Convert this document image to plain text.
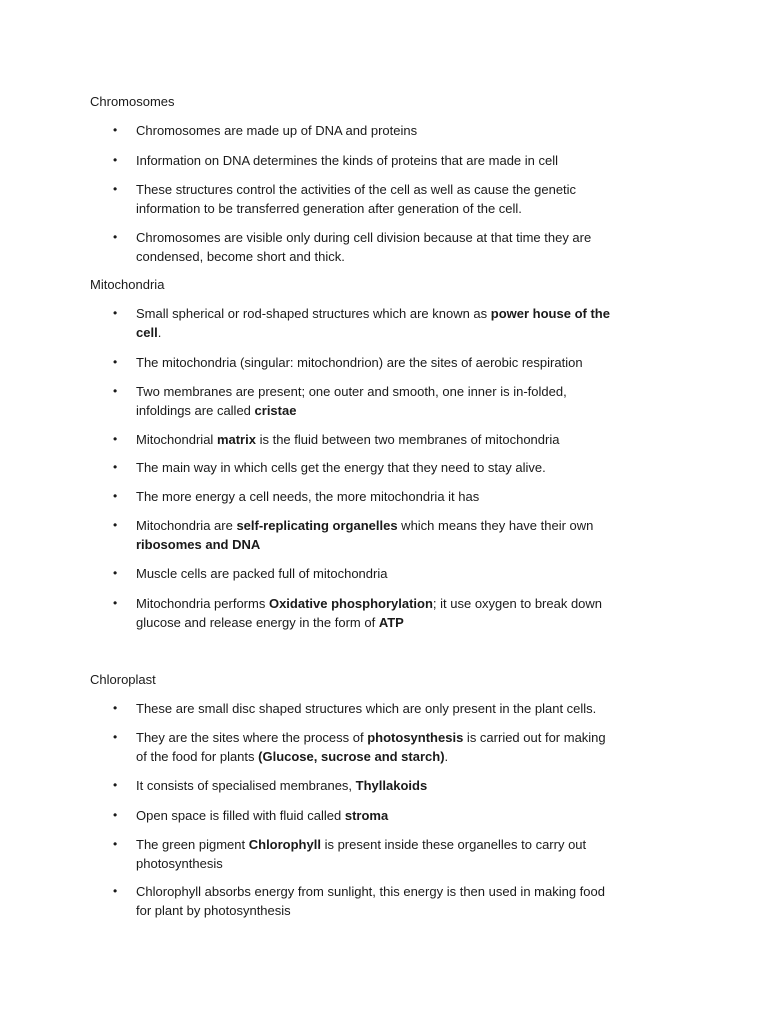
Chromosomes
•	Chromosomes are made up of DNA and proteins
•	Information on DNA determines the kinds of proteins that are made in cell
•	These structures control the activities of the cell as well as cause the genetic information to be transferred generation after generation of the cell.
•	Chromosomes are visible only during cell division because at that time they are condensed, become short and thick.
Mitochondria
•	Small spherical or rod-shaped structures which are known as power house of the cell.
•	The mitochondria (singular: mitochondrion) are the sites of aerobic respiration
•	Two membranes are present; one outer and smooth, one inner is in-folded, infoldings are called cristae
•	Mitochondrial matrix is the fluid between two membranes of mitochondria
•	The main way in which cells get the energy that they need to stay alive.
•	The more energy a cell needs, the more mitochondria it has
•	Mitochondria are self-replicating organelles which means they have their own ribosomes and DNA
•	Muscle cells are packed full of mitochondria
•	Mitochondria performs Oxidative phosphorylation; it use oxygen to break down glucose and release energy in the form of ATP
Chloroplast
•	These are small disc shaped structures which are only present in the plant cells.
•	They are the sites where the process of photosynthesis is carried out for making of the food for plants (Glucose, sucrose and starch).
•	It consists of specialised membranes, Thyllakoids
•	Open space is filled with fluid called stroma
•	The green pigment Chlorophyll is present inside these organelles to carry out photosynthesis
•	Chlorophyll absorbs energy from sunlight, this energy is then used in making food for plant by photosynthesis
